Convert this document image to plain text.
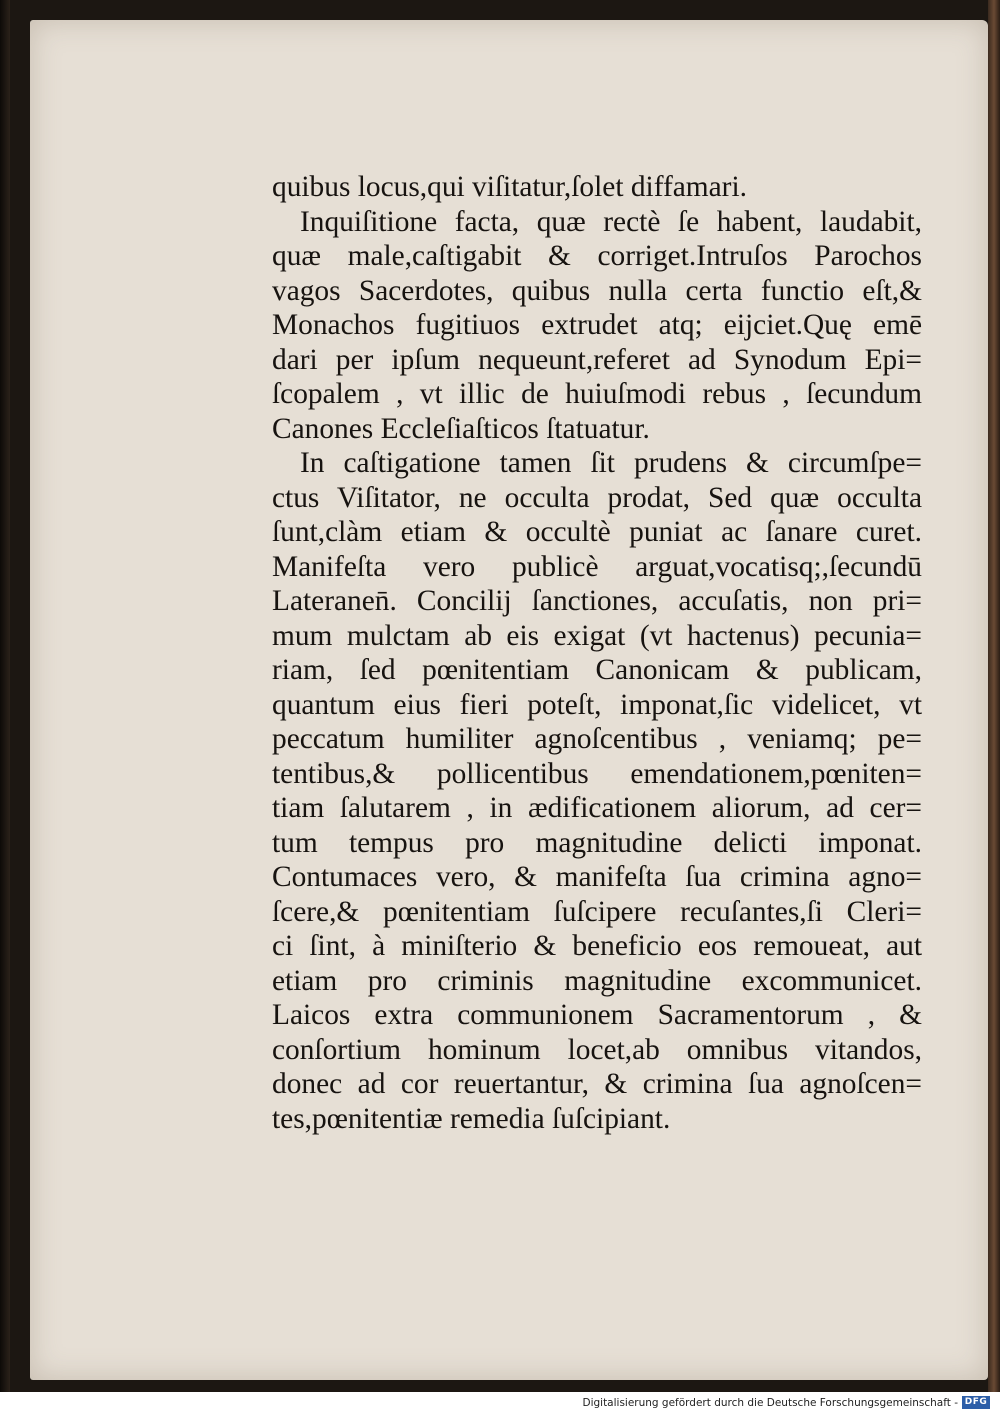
quibus locus,qui viſitatur,ſolet diffamari.
Inquiſitione facta, quæ rectè ſe habent, laudabit,
quæ male,caſtigabit & corriget.Intruſos Parochos
vagos Sacerdotes, quibus nulla certa functio eſt,&
Monachos fugitiuos extrudet atq; eijciet.Quę emē
dari per ipſum nequeunt,referet ad Synodum Epi=
ſcopalem , vt illic de huiuſmodi rebus , ſecundum
Canones Eccleſiaſticos ſtatuatur.
In caſtigatione tamen ſit prudens & circumſpe=
ctus Viſitator, ne occulta prodat, Sed quæ occulta
ſunt,clàm etiam & occultè puniat ac ſanare curet.
Manifeſta vero publicè arguat,vocatisq;,ſecundū
Lateranen̄. Concilij ſanctiones, accuſatis, non pri=
mum mulctam ab eis exigat (vt hactenus) pecunia=
riam, ſed pœnitentiam Canonicam & publicam,
quantum eius fieri poteſt, imponat,ſic videlicet, vt
peccatum humiliter agnoſcentibus , veniamq; pe=
tentibus,& pollicentibus emendationem,pœniten=
tiam ſalutarem , in ædificationem aliorum, ad cer=
tum tempus pro magnitudine delicti imponat.
Contumaces vero, & manifeſta ſua crimina agno=
ſcere,& pœnitentiam ſuſcipere recuſantes,ſi Cleri=
ci ſint, à miniſterio & beneficio eos remoueat, aut
etiam pro criminis magnitudine excommunicet.
Laicos extra communionem Sacramentorum , &
conſortium hominum locet,ab omnibus vitandos,
donec ad cor reuertantur, & crimina ſua agnoſcen=
tes,pœnitentiæ remedia ſuſcipiant.
Digitalisierung gefördert durch die Deutsche Forschungsgemeinschaft - DFG
